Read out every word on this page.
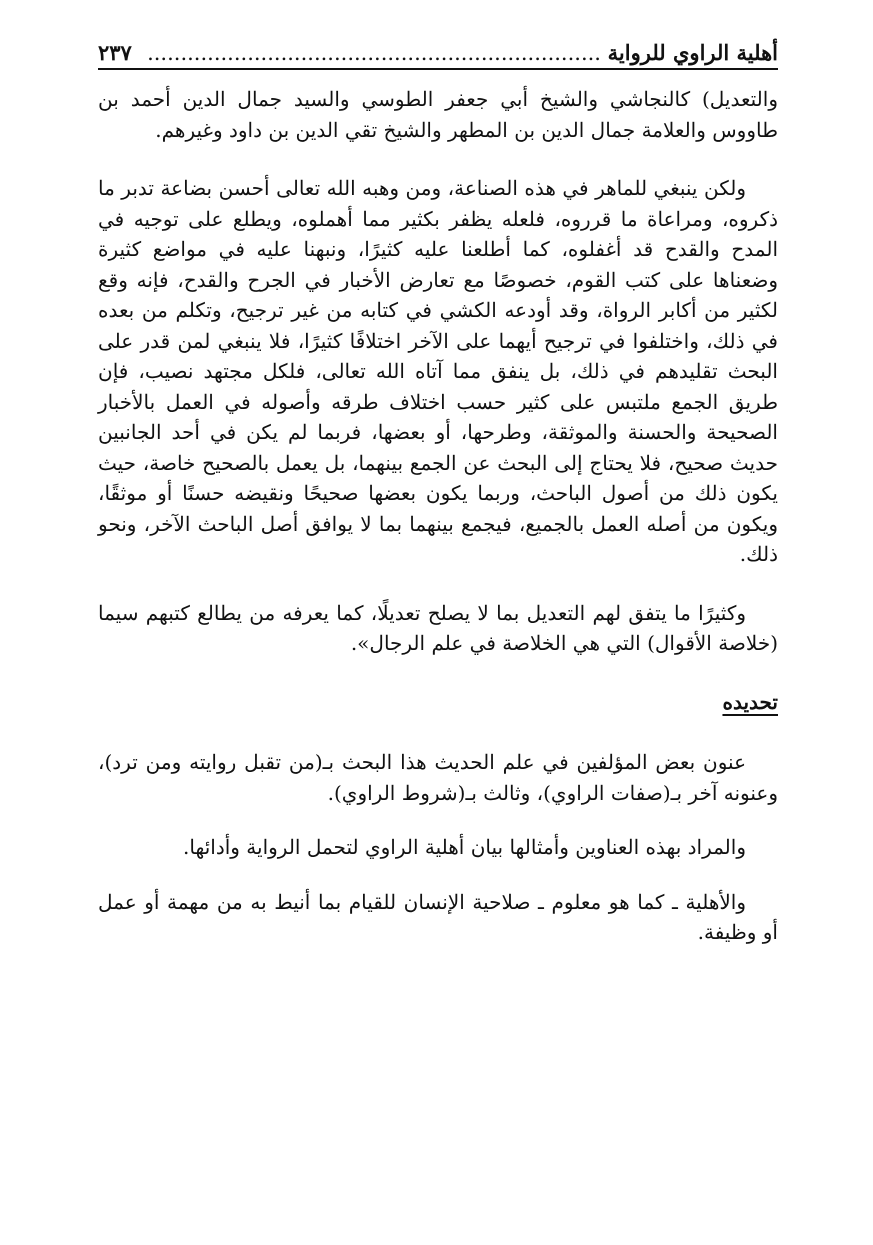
أهلية الراوي للرواية .....
٢٣٧

والتعديل) كالنجاشي والشيخ أبي جعفر الطوسي والسيد جمال الدين أحمد بن طاووس والعلامة جمال الدين بن المطهر والشيخ تقي الدين بن داود وغيرهم.

ولكن ينبغي للماهر في هذه الصناعة، ومن وهبه الله تعالى أحسن بضاعة تدبر ما ذكروه، ومراعاة ما قرروه، فلعله يظفر بكثير مما أهملوه، ويطلع على توجيه في المدح والقدح قد أغفلوه، كما أطلعنا عليه كثيرًا، ونبهنا عليه في مواضع كثيرة وضعناها على كتب القوم، خصوصًا مع تعارض الأخبار في الجرح والقدح، فإنه وقع لكثير من أكابر الرواة، وقد أودعه الكشي في كتابه من غير ترجيح، وتكلم من بعده في ذلك، واختلفوا في ترجيح أيهما على الآخر اختلافًا كثيرًا، فلا ينبغي لمن قدر على البحث تقليدهم في ذلك، بل ينفق مما آتاه الله تعالى، فلكل مجتهد نصيب، فإن طريق الجمع ملتبس على كثير حسب اختلاف طرقه وأصوله في العمل بالأخبار الصحيحة والحسنة والموثقة، وطرحها، أو بعضها، فربما لم يكن في أحد الجانبين حديث صحيح، فلا يحتاج إلى البحث عن الجمع بينهما، بل يعمل بالصحيح خاصة، حيث يكون ذلك من أصول الباحث، وربما يكون بعضها صحيحًا ونقيضه حسنًا أو موثقًا، ويكون من أصله العمل بالجميع، فيجمع بينهما بما لا يوافق أصل الباحث الآخر، ونحو ذلك.

وكثيرًا ما يتفق لهم التعديل بما لا يصلح تعديلًا، كما يعرفه من يطالع كتبهم سيما (خلاصة الأقوال) التي هي الخلاصة في علم الرجال».

تحديده

عنون بعض المؤلفين في علم الحديث هذا البحث بـ(من تقبل روايته ومن ترد)، وعنونه آخر بـ(صفات الراوي)، وثالث بـ(شروط الراوي).

والمراد بهذه العناوين وأمثالها بيان أهلية الراوي لتحمل الرواية وأدائها.

والأهلية ـ كما هو معلوم ـ صلاحية الإنسان للقيام بما أنيط به من مهمة أو عمل أو وظيفة.
